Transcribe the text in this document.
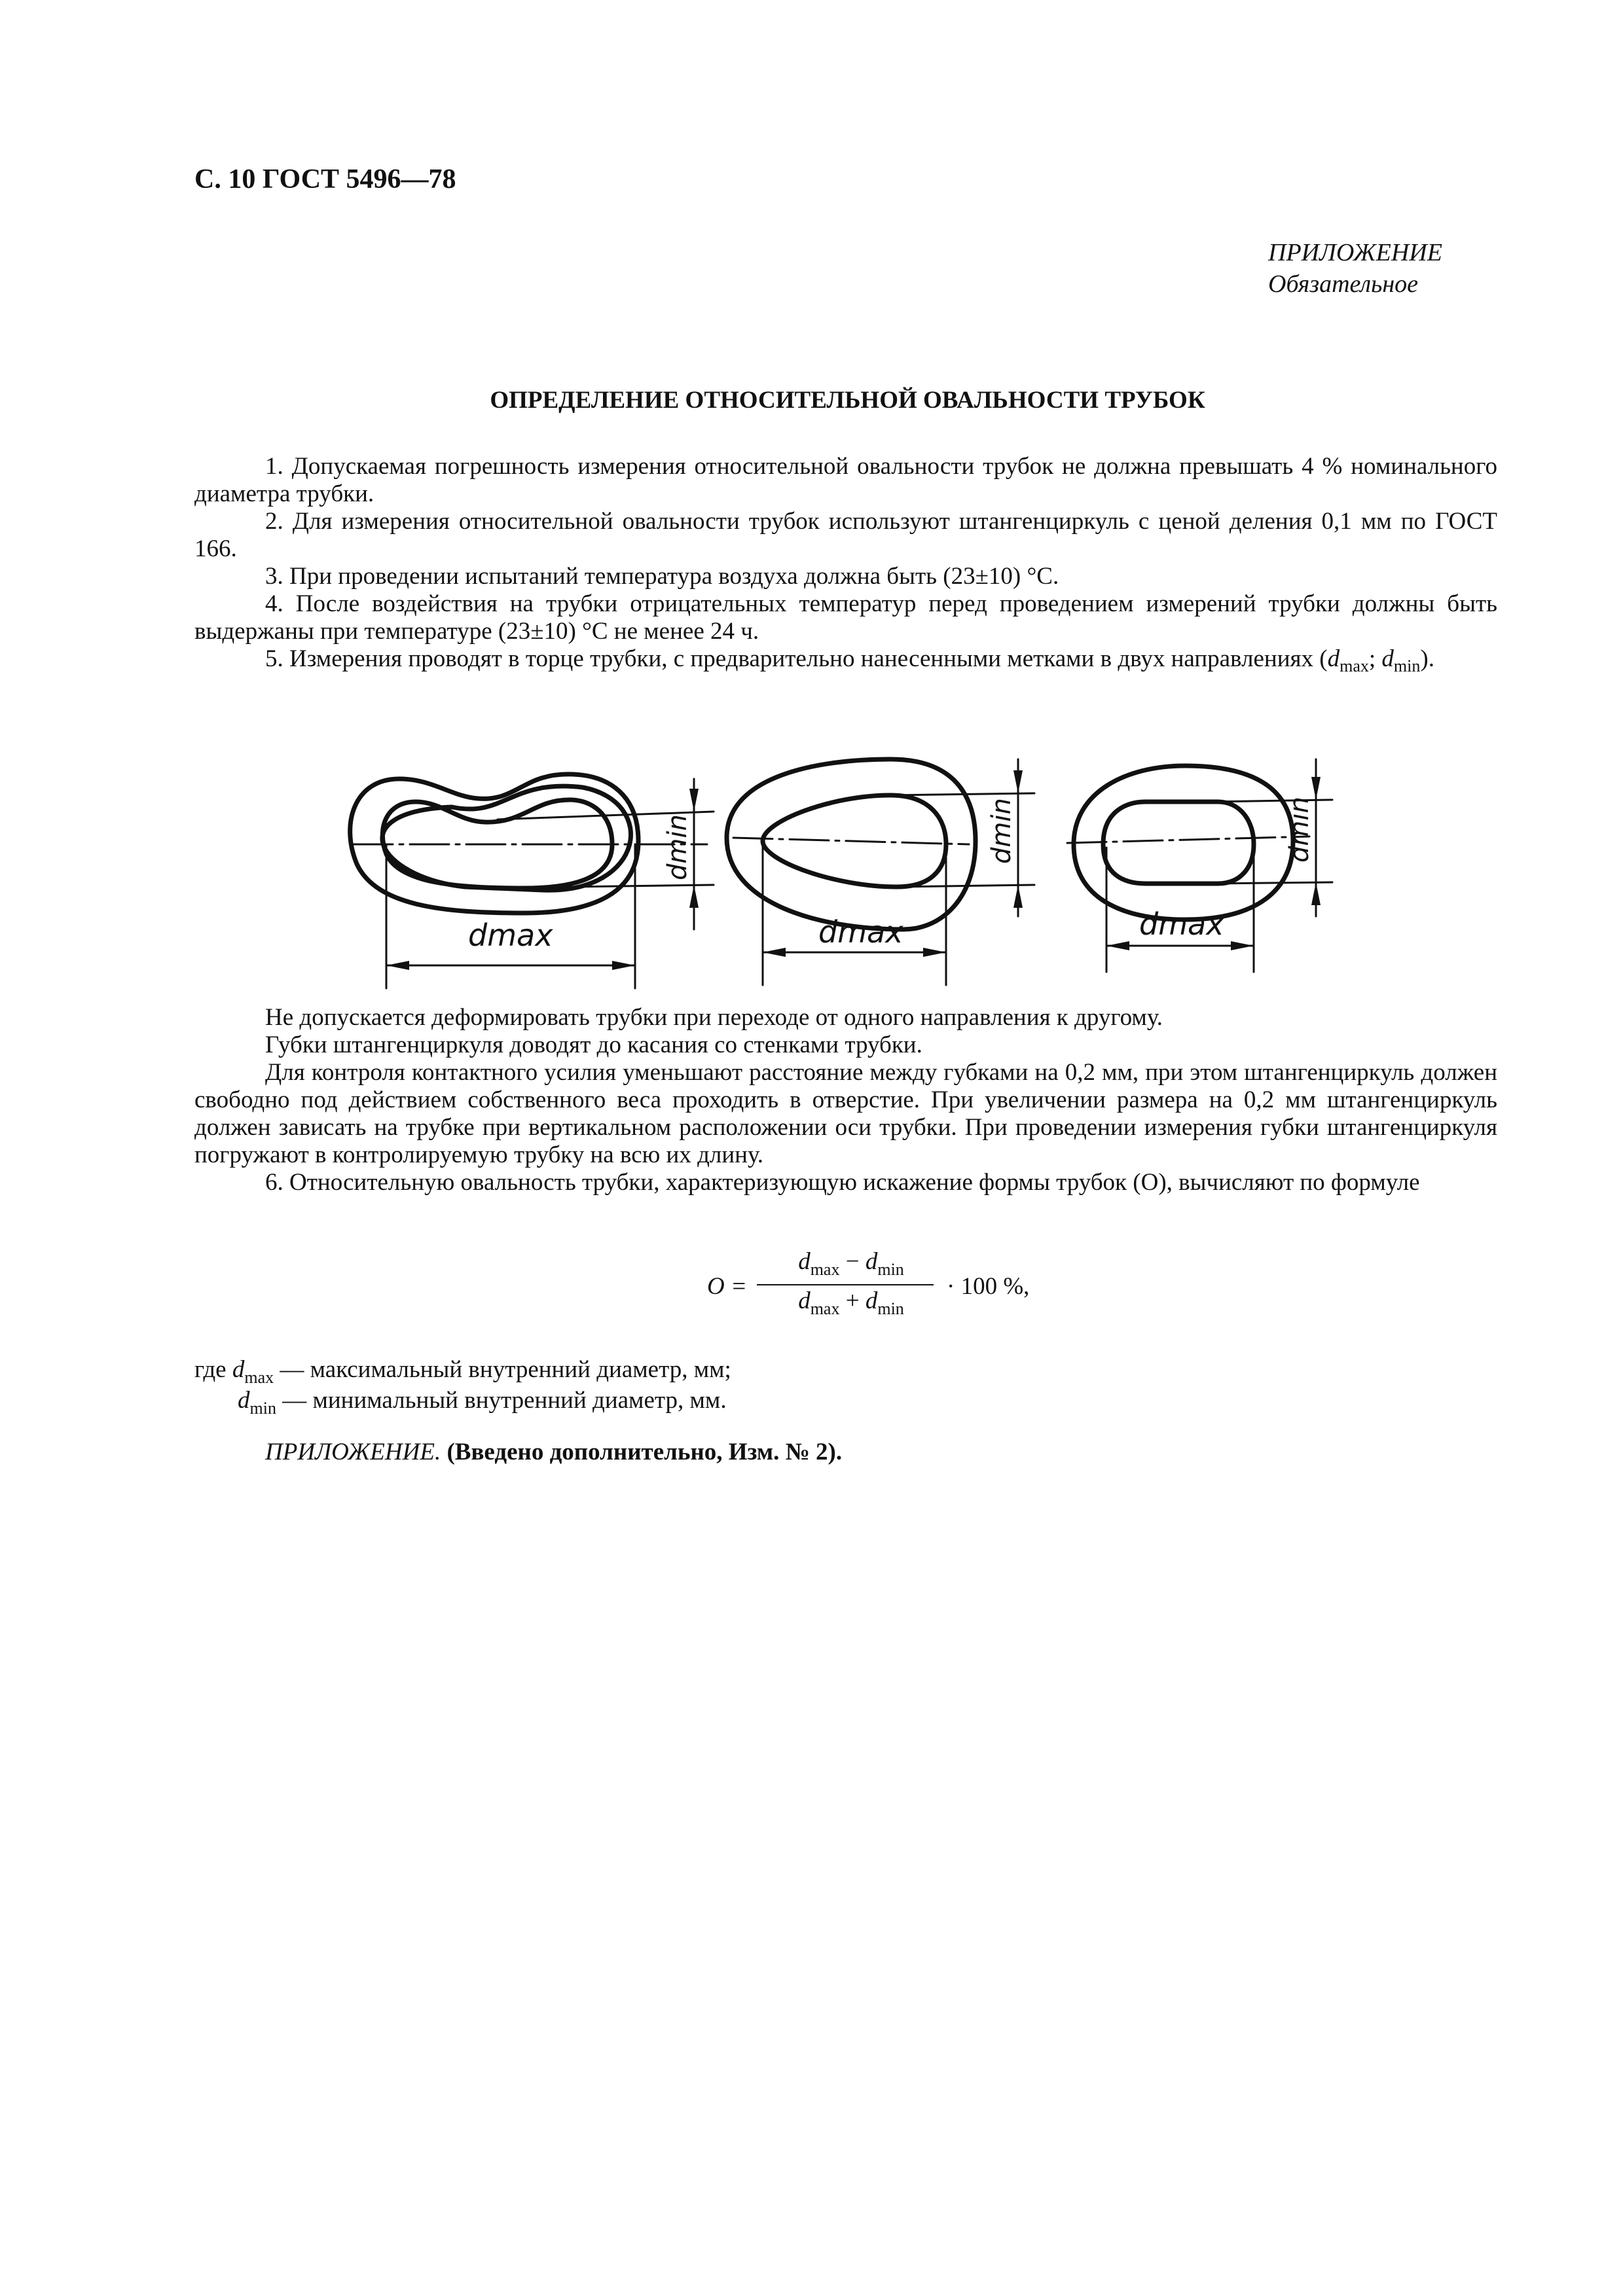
С. 10 ГОСТ 5496—78
ПРИЛОЖЕНИЕ
Обязательное
ОПРЕДЕЛЕНИЕ ОТНОСИТЕЛЬНОЙ ОВАЛЬНОСТИ ТРУБОК
1. Допускаемая погрешность измерения относительной овальности трубок не должна превышать 4 % номинального диаметра трубки.
2. Для измерения относительной овальности трубок используют штангенциркуль с ценой деления 0,1 мм по ГОСТ 166.
3. При проведении испытаний температура воздуха должна быть (23±10) °С.
4. После воздействия на трубки отрицательных температур перед проведением измерений трубки должны быть выдержаны при температуре (23±10) °С не менее 24 ч.
5. Измерения проводят в торце трубки, с предварительно нанесенными метками в двух направлениях ($d_{max}$; $d_{min}$).
dmax	dmax	dmax
dmin	dmin	dmin
Не допускается деформировать трубки при переходе от одного направления к другому.
Губки штангенциркуля доводят до касания со стенками трубки.
Для контроля контактного усилия уменьшают расстояние между губками на 0,2 мм, при этом штангенциркуль должен свободно под действием собственного веса проходить в отверстие. При увеличении размера на 0,2 мм штангенциркуль должен зависать на трубке при вертикальном расположении оси трубки. При проведении измерения губки штангенциркуля погружают в контролируемую трубку на всю их длину.
6. Относительную овальность трубки, характеризующую искажение формы трубок (О), вычисляют по формуле
O =
$d_{max} - d_{min}$
$d_{max} + d_{min}$
· 100 %,
где $d_{max}$ — максимальный внутренний диаметр, мм;
$d_{min}$ — минимальный внутренний диаметр, мм.
ПРИЛОЖЕНИЕ. (Введено дополнительно, Изм. № 2).
